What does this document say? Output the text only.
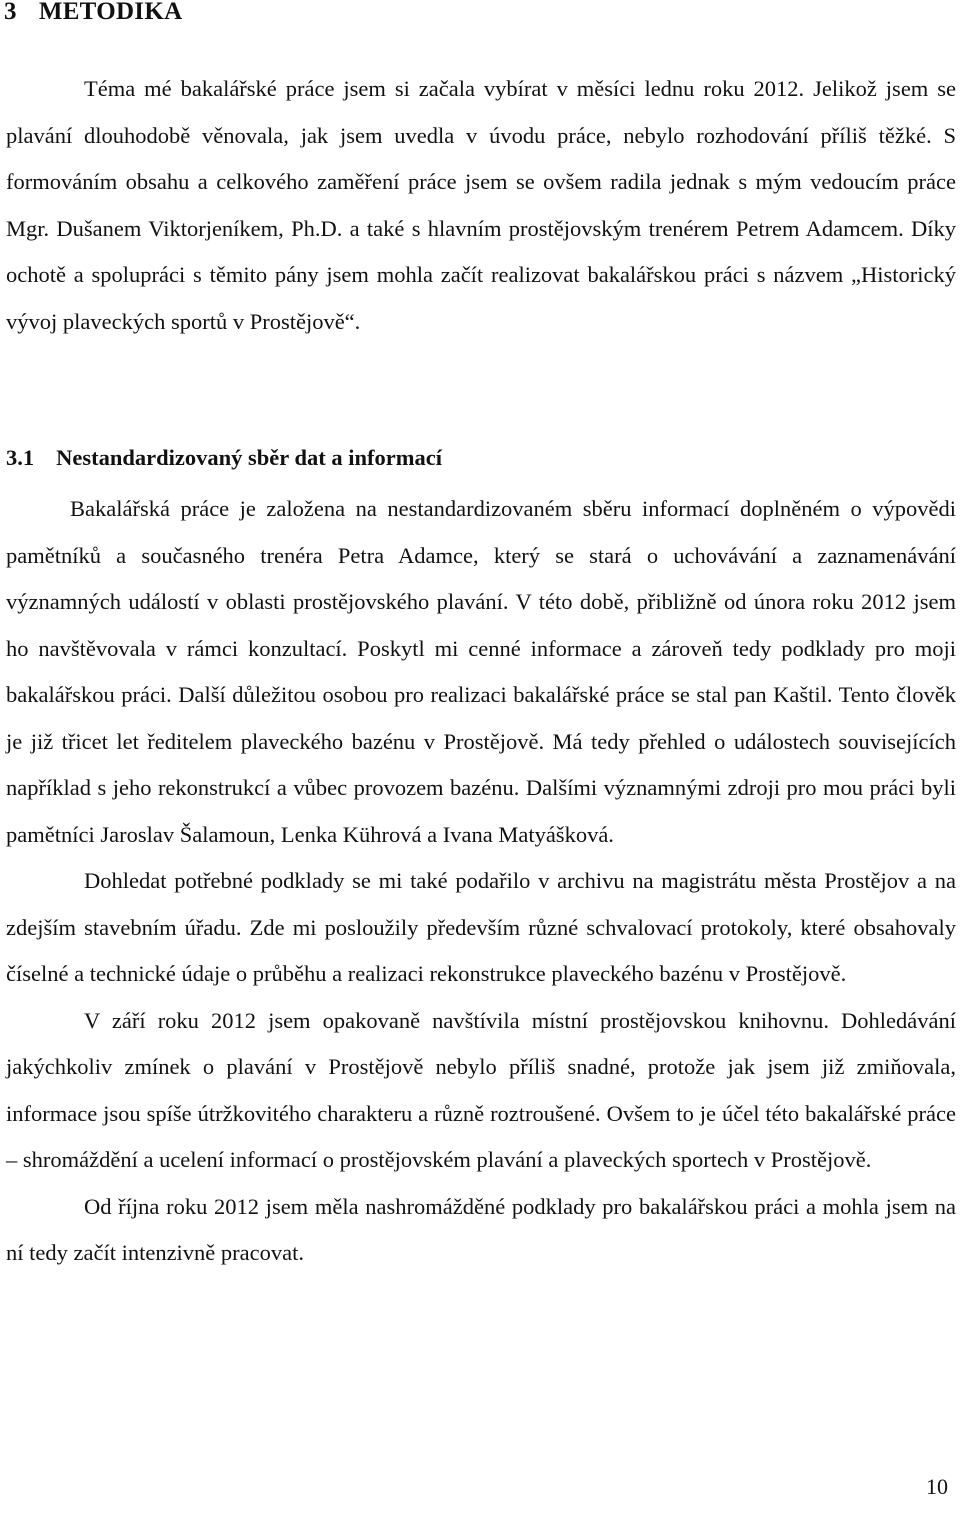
3 METODIKA

Téma mé bakalářské práce jsem si začala vybírat v měsíci lednu roku 2012. Jelikož jsem se plavání dlouhodobě věnovala, jak jsem uvedla v úvodu práce, nebylo rozhodování příliš těžké. S formováním obsahu a celkového zaměření práce jsem se ovšem radila jednak s mým vedoucím práce Mgr. Dušanem Viktorjeníkem, Ph.D. a také s hlavním prostějovským trenérem Petrem Adamcem. Díky ochotě a spolupráci s těmito pány jsem mohla začít realizovat bakalářskou práci s názvem „Historický vývoj plaveckých sportů v Prostějově“.

3.1 Nestandardizovaný sběr dat a informací

Bakalářská práce je založena na nestandardizovaném sběru informací doplněném o výpovědi pamětníků a současného trenéra Petra Adamce, který se stará o uchovávání a zaznamenávání významných událostí v oblasti prostějovského plavání. V této době, přibližně od února roku 2012 jsem ho navštěvovala v rámci konzultací. Poskytl mi cenné informace a zároveň tedy podklady pro moji bakalářskou práci. Další důležitou osobou pro realizaci bakalářské práce se stal pan Kaštil. Tento člověk je již třicet let ředitelem plaveckého bazénu v Prostějově. Má tedy přehled o událostech souvisejících například s jeho rekonstrukcí a vůbec provozem bazénu. Dalšími významnými zdroji pro mou práci byli pamětníci Jaroslav Šalamoun, Lenka Kührová a Ivana Matyášková.

Dohledat potřebné podklady se mi také podařilo v archivu na magistrátu města Prostějov a na zdejším stavebním úřadu. Zde mi posloužily především různé schvalovací protokoly, které obsahovaly číselné a technické údaje o průběhu a realizaci rekonstrukce plaveckého bazénu v Prostějově.

V září roku 2012 jsem opakovaně navštívila místní prostějovskou knihovnu. Dohledávání jakýchkoliv zmínek o plavání v Prostějově nebylo příliš snadné, protože jak jsem již zmiňovala, informace jsou spíše útržkovitého charakteru a různě roztroušené. Ovšem to je účel této bakalářské práce – shromáždění a ucelení informací o prostějovském plavání a plaveckých sportech v Prostějově.

Od října roku 2012 jsem měla nashromážděné podklady pro bakalářskou práci a mohla jsem na ní tedy začít intenzivně pracovat.

10
